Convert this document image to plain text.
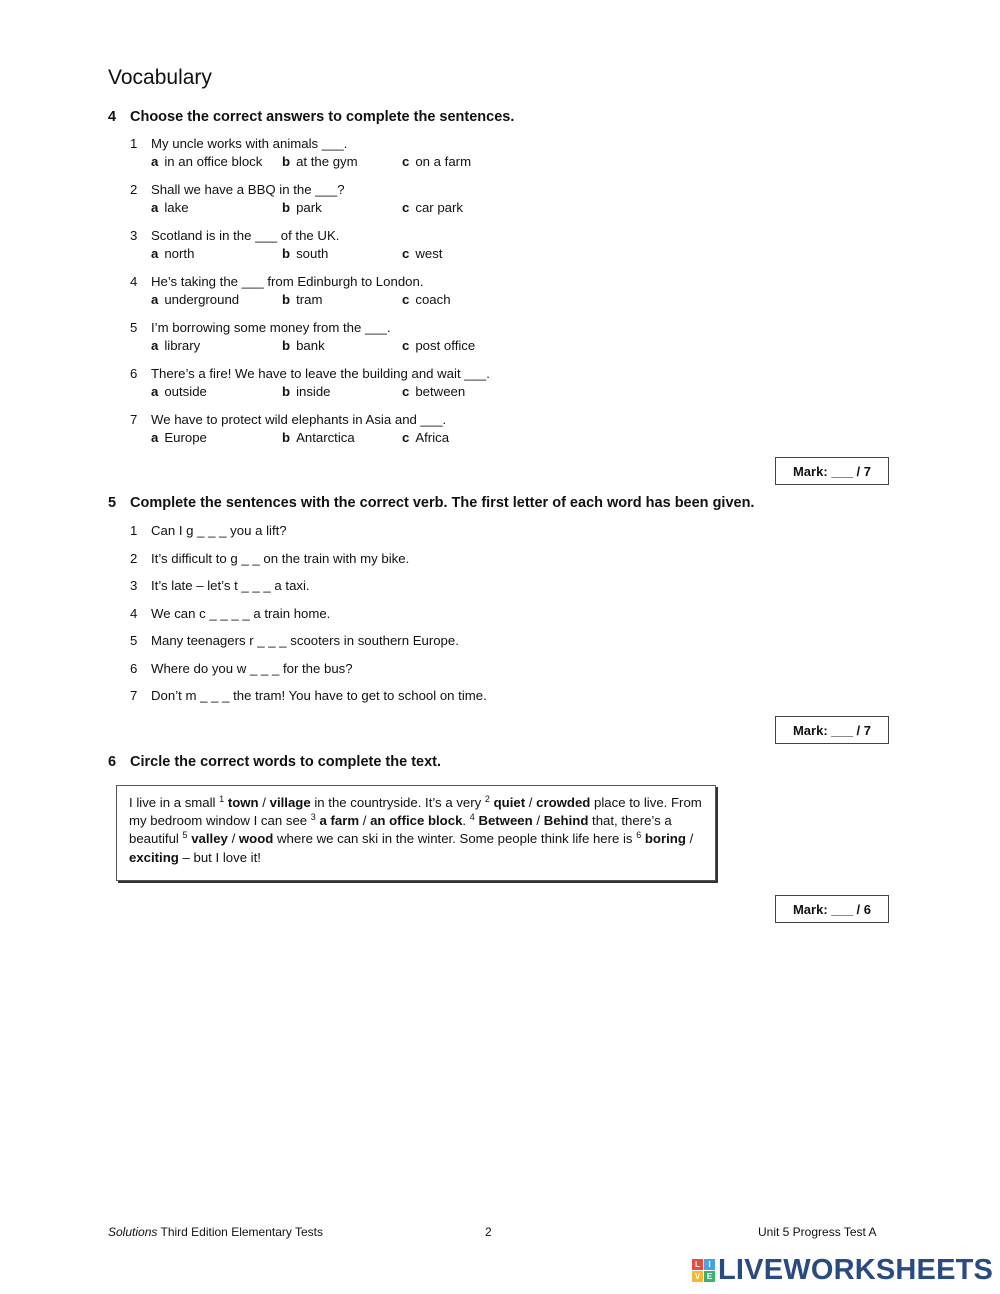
Vocabulary
4 Choose the correct answers to complete the sentences.
1 My uncle works with animals ___.
a in an office block b at the gym	c on a farm
2 Shall we have a BBQ in the ___?
a lake	b park	c car park
3 Scotland is in the ___ of the UK.
a north	b south	c west
4 He’s taking the ___ from Edinburgh to London.
a underground	b tram	c coach
5 I’m borrowing some money from the ___.
a library	b bank	c post office
6 There’s a fire! We have to leave the building and wait ___.
a outside	b inside	c between
7 We have to protect wild elephants in Asia and ___.
a Europe	b Antarctica	c Africa
Mark: ___ / 7
5 Complete the sentences with the correct verb. The first letter of each word has been given.
1 Can I g _ _ _ you a lift?
2 It’s difficult to g _ _ on the train with my bike.
3 It’s late – let’s t _ _ _ a taxi.
4 We can c _ _ _ _ a train home.
5 Many teenagers r _ _ _ scooters in southern Europe.
6 Where do you w _ _ _ for the bus?
7 Don’t m _ _ _ the tram! You have to get to school on time.
Mark: ___ / 7
6 Circle the correct words to complete the text.
I live in a small $^1$ town / village in the countryside. It’s a very $^2$ quiet / crowded place to live. From my bedroom window I can see $^3$ a farm / an office block. $^4$ Between / Behind that, there’s a beautiful $^5$ valley / wood where we can ski in the winter. Some people think life here is $^6$ boring / exciting – but I love it!
Mark: ___ / 6
Solutions Third Edition Elementary Tests	2	Unit 5 Progress Test A
L	I
V E LIVEWORKSHEETS
